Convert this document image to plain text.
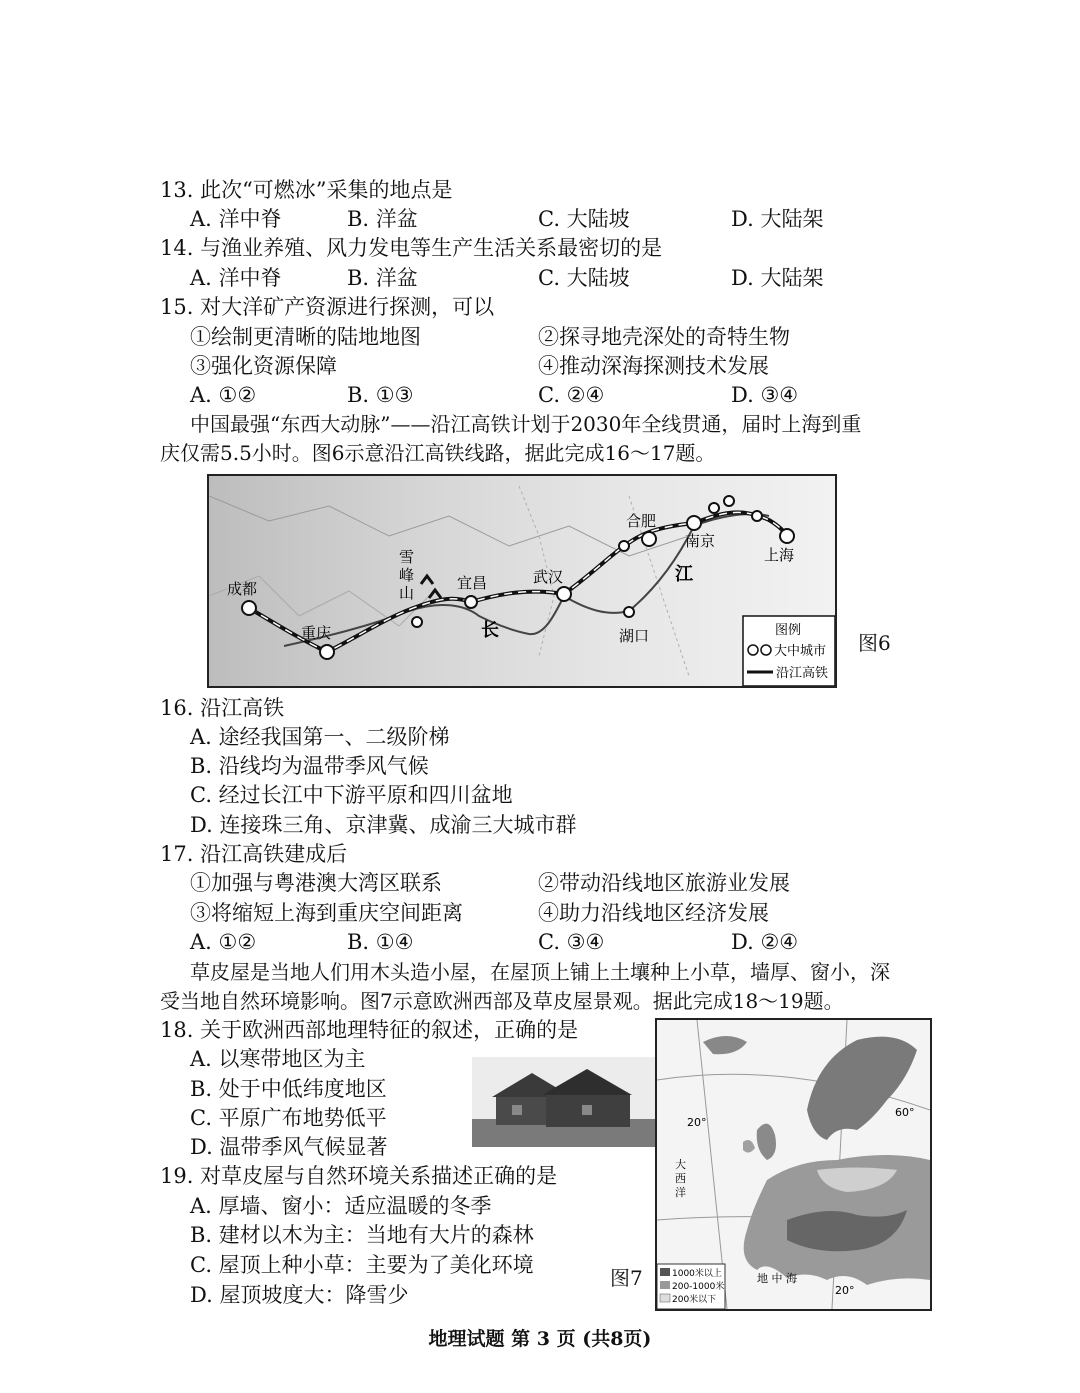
13. 此次“可燃冰”采集的地点是
A. 洋中脊	B. 洋盆	C. 大陆坡	D. 大陆架
14. 与渔业养殖、风力发电等生产生活关系最密切的是
A. 洋中脊	B. 洋盆	C. 大陆坡	D. 大陆架
15. 对大洋矿产资源进行探测，可以
①绘制更清晰的陆地地图	②探寻地壳深处的奇特生物
③强化资源保障	④推动深海探测技术发展
A. ①②	B. ①③	C. ②④	D. ③④
中国最强“东西大动脉”——沿江高铁计划于2030年全线贯通，届时上海到重
庆仅需5.5小时。图6示意沿江高铁线路，据此完成16～17题。
成都
重庆
宜昌	武汉
湖口
合肥
南京
上海
雪
峰
山
长
江
图例
大中城市
沿江高铁
图6
16. 沿江高铁
A. 途经我国第一、二级阶梯
B. 沿线均为温带季风气候
C. 经过长江中下游平原和四川盆地
D. 连接珠三角、京津冀、成渝三大城市群
17. 沿江高铁建成后
①加强与粤港澳大湾区联系	②带动沿线地区旅游业发展
③将缩短上海到重庆空间距离	④助力沿线地区经济发展
A. ①②	B. ①④	C. ③④	D. ②④
草皮屋是当地人们用木头造小屋，在屋顶上铺上土壤种上小草，墙厚、窗小，深
受当地自然环境影响。图7示意欧洲西部及草皮屋景观。据此完成18～19题。
18. 关于欧洲西部地理特征的叙述，正确的是
A. 以寒带地区为主
B. 处于中低纬度地区
C. 平原广布地势低平
D. 温带季风气候显著
60°
20°
20°
大
西
洋
地 中 海
1000米以上
200-1000米
200米以下
图7
19. 对草皮屋与自然环境关系描述正确的是
A. 厚墙、窗小：适应温暖的冬季
B. 建材以木为主：当地有大片的森林
C. 屋顶上种小草：主要为了美化环境
D. 屋顶坡度大：降雪少
地理试题 第 3 页 (共8页)
